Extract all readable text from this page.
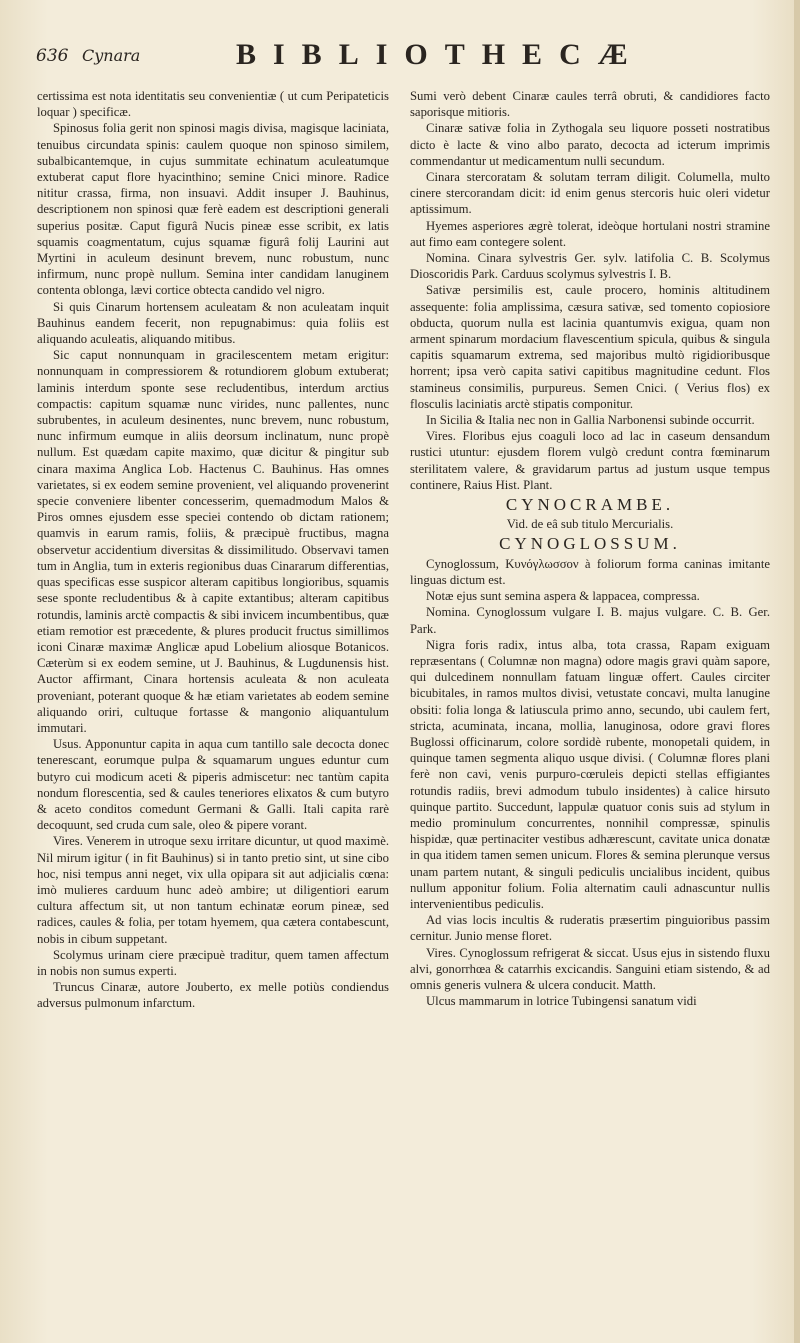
636 Cynara	BIBLIOTHECÆ

certissima est nota identitatis seu convenientiæ ( ut cum Peripateticis loquar ) specificæ.

Spinosus folia gerit non spinosi magis divisa, magisque laciniata, tenuibus circundata spinis: caulem quoque non spinoso similem, subalbicantemque, in cujus summitate echinatum aculeatumque extuberat caput flore hyacinthino; semine Cnici minore. Radice nititur crassa, firma, non insuavi. Addit insuper J. Bauhinus, descriptionem non spinosi quæ ferè eadem est descriptioni generali superius positæ. Caput figurâ Nucis pineæ esse scribit, ex latis squamis coagmentatum, cujus squamæ figurâ folij Laurini aut Myrtini in aculeum desinunt brevem, nunc robustum, nunc infirmum, nunc propè nullum. Semina inter candidam lanuginem contenta oblonga, lævi cortice obtecta candido vel nigro.

Si quis Cinarum hortensem aculeatam & non aculeatam inquit Bauhinus eandem fecerit, non repugnabimus: quia foliis est aliquando aculeatis, aliquando mitibus.

Sic caput nonnunquam in gracilescentem metam erigitur: nonnunquam in compressiorem & rotundiorem globum extuberat; laminis interdum sponte sese recludentibus, interdum arctius compactis: capitum squamæ nunc virides, nunc pallentes, nunc subrubentes, in aculeum desinentes, nunc brevem, nunc robustum, nunc infirmum eumque in aliis deorsum inclinatum, nunc propè nullum. Est quædam capite maximo, quæ dicitur & pingitur sub cinara maxima Anglica Lob. Hactenus C. Bauhinus. Has omnes varietates, si ex eodem semine provenient, vel aliquando provenerint specie conveniere libenter concesserim, quemadmodum Malos & Piros omnes ejusdem esse speciei contendo ob dictam rationem; quamvis in earum ramis, foliis, & præcipuè fructibus, magna observetur accidentium diversitas & dissimilitudo. Observavi tamen tum in Anglia, tum in exteris regionibus duas Cinararum differentias, quas specificas esse suspicor alteram capitibus longioribus, squamis sese sponte recludentibus & à capite extantibus; alteram capitibus rotundis, laminis arctè compactis & sibi invicem incumbentibus, quæ etiam remotior est præcedente, & plures producit fructus simillimos iconi Cinaræ maximæ Anglicæ apud Lobelium aliosque Botanicos. Cæterùm si ex eodem semine, ut J. Bauhinus, & Lugdunensis hist. Auctor affirmant, Cinara hortensis aculeata & non aculeata proveniant, poterant quoque & hæ etiam varietates ab eodem semine aliquando oriri, cultuque fortasse & mangonio aliquantulum immutari.

Usus. Apponuntur capita in aqua cum tantillo sale decocta donec tenerescant, eorumque pulpa & squamarum ungues eduntur cum butyro cui modicum aceti & piperis admiscetur: nec tantùm capita nondum florescentia, sed & caules teneriores elixatos & cum butyro & aceto conditos comedunt Germani & Galli. Itali capita rarè decoquunt, sed cruda cum sale, oleo & pipere vorant.

Vires. Venerem in utroque sexu irritare dicuntur, ut quod maximè. Nil mirum igitur ( in fit Bauhinus) si in tanto pretio sint, ut sine cibo hoc, nisi tempus anni neget, vix ulla opipara sit aut adjicialis cœna: imò mulieres carduum hunc adeò ambire; ut diligentiori earum cultura affectum sit, ut non tantum echinatæ eorum pineæ, sed radices, caules & folia, per totam hyemem, qua cætera contabescunt, nobis in cibum suppetant.

Scolymus urinam ciere præcipuè traditur, quem tamen affectum in nobis non sumus experti.

Truncus Cinaræ, autore Jouberto, ex melle potiùs condiendus adversus pulmonum infarctum.

Sumi verò debent Cinaræ caules terrâ obruti, & candidiores facto saporisque mitioris.

Cinaræ sativæ folia in Zythogala seu liquore posseti nostratibus dicto è lacte & vino albo parato, decocta ad icterum imprimis commendantur ut medicamentum nulli secundum.

Cinara stercoratam & solutam terram diligit. Columella, multo cinere stercorandam dicit: id enim genus stercoris huic oleri videtur aptissimum.

Hyemes asperiores ægrè tolerat, ideòque hortulani nostri stramine aut fimo eam contegere solent.

Nomina. Cinara sylvestris Ger. sylv. latifolia C. B. Scolymus Dioscoridis Park. Carduus scolymus sylvestris I. B.

Sativæ persimilis est, caule procero, hominis altitudinem assequente: folia amplissima, cæsura sativæ, sed tomento copiosiore obducta, quorum nulla est lacinia quantumvis exigua, quam non arment spinarum mordacium flavescentium spicula, quibus & singula capitis squamarum extrema, sed majoribus multò rigidioribusque horrent; ipsa verò capita sativi capitibus magnitudine cedunt. Flos stamineus consimilis, purpureus. Semen Cnici. ( Verius flos) ex flosculis laciniatis arctè stipatis componitur.

In Sicilia & Italia nec non in Gallia Narbonensi subinde occurrit.

Vires. Floribus ejus coaguli loco ad lac in caseum densandum rustici utuntur: ejusdem florem vulgò credunt contra fœminarum sterilitatem valere, & gravidarum partus ad justum usque tempus continere, Raius Hist. Plant.

CYNOCRAMBE.

Vid. de eâ sub titulo Mercurialis.

CYNOGLOSSUM.

Cynoglossum, Κυνόγλωσσον à foliorum forma caninas imitante linguas dictum est.

Notæ ejus sunt semina aspera & lappacea, compressa.

Nomina. Cynoglossum vulgare I. B. majus vulgare. C. B. Ger. Park.

Nigra foris radix, intus alba, tota crassa, Rapam exiguam repræsentans ( Columnæ non magna) odore magis gravi quàm sapore, qui dulcedinem nonnullam fatuam linguæ offert. Caules circiter bicubitales, in ramos multos divisi, vetustate concavi, multa lanugine obsiti: folia longa & latiuscula primo anno, secundo, ubi caulem fert, stricta, acuminata, incana, mollia, lanuginosa, odore gravi flores Buglossi officinarum, colore sordidè rubente, monopetali quidem, in quinque tamen segmenta aliquo usque divisi. ( Columnæ flores plani ferè non cavi, venis purpuro-cœruleis depicti stellas effigiantes rotundis radiis, brevi admodum tubulo insidentes) à calice hirsuto quinque partito. Succedunt, lappulæ quatuor conis suis ad stylum in medio prominulum concurrentes, nonnihil compressæ, spinulis hispidæ, quæ pertinaciter vestibus adhærescunt, cavitate unica donatæ in qua itidem tamen semen unicum. Flores & semina plerunque versus unam partem nutant, & singuli pediculis uncialibus incident, quibus nullum apponitur folium. Folia alternatim cauli adnascuntur nullis intervenientibus pediculis.

Ad vias locis incultis & ruderatis præsertim pinguioribus passim cernitur. Junio mense floret.

Vires. Cynoglossum refrigerat & siccat. Usus ejus in sistendo fluxu alvi, gonorrhœa & catarrhis excicandis. Sanguini etiam sistendo, & ad omnis generis vulnera & ulcera conducit. Matth.

Ulcus mammarum in lotrice Tubingensi sanatum vidi
